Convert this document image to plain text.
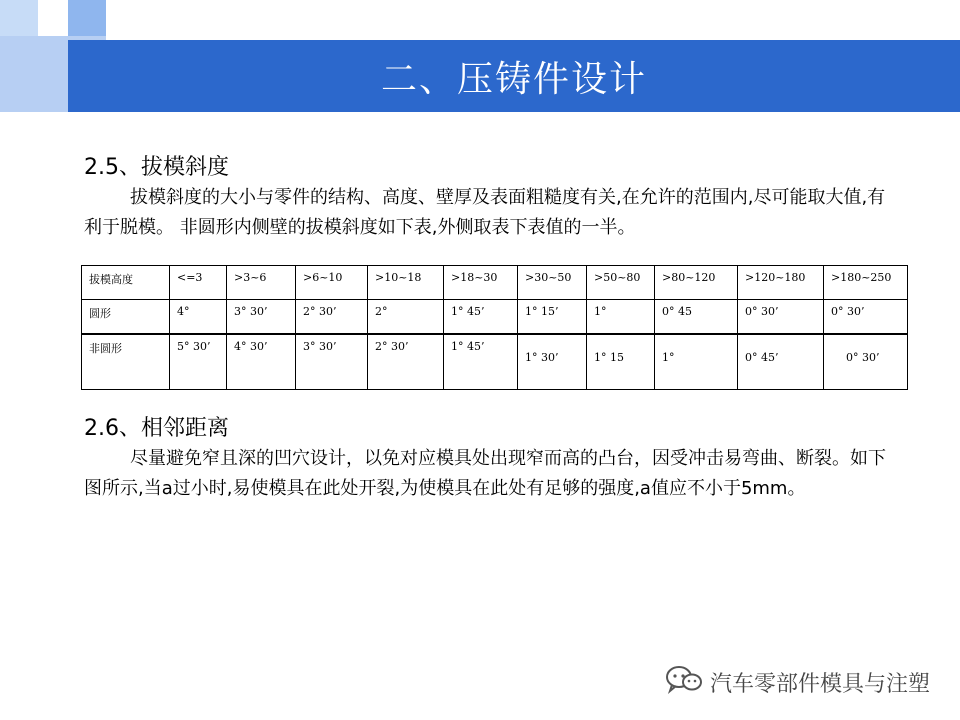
二、压铸件设计
2.5、拔模斜度
拔模斜度的大小与零件的结构、高度、壁厚及表面粗糙度有关,在允许的范围内,尽可能取大值,有利于脱模。 非圆形内侧壁的拔模斜度如下表,外侧取表下表值的一半。
拔模高度	<=3	>3~6	>6~10	>10~18	>18~30	>30~50	>50~80	>80~120	>120~180	>180~250
圆形	4°	3° 30’	2° 30’	2°	1° 45’	1° 15’	1°	0° 45	0° 30’	0° 30’
非圆形	5° 30’	4° 30’	3° 30’	2° 30’	1° 45’	1° 30’	1° 15	1°	0° 45’	0° 30’
2.6、相邻距离
尽量避免窄且深的凹穴设计，以免对应模具处出现窄而高的凸台，因受冲击易弯曲、断裂。如下图所示,当a过小时,易使模具在此处开裂,为使模具在此处有足够的强度,a值应不小于5mm。
汽车零部件模具与注塑
